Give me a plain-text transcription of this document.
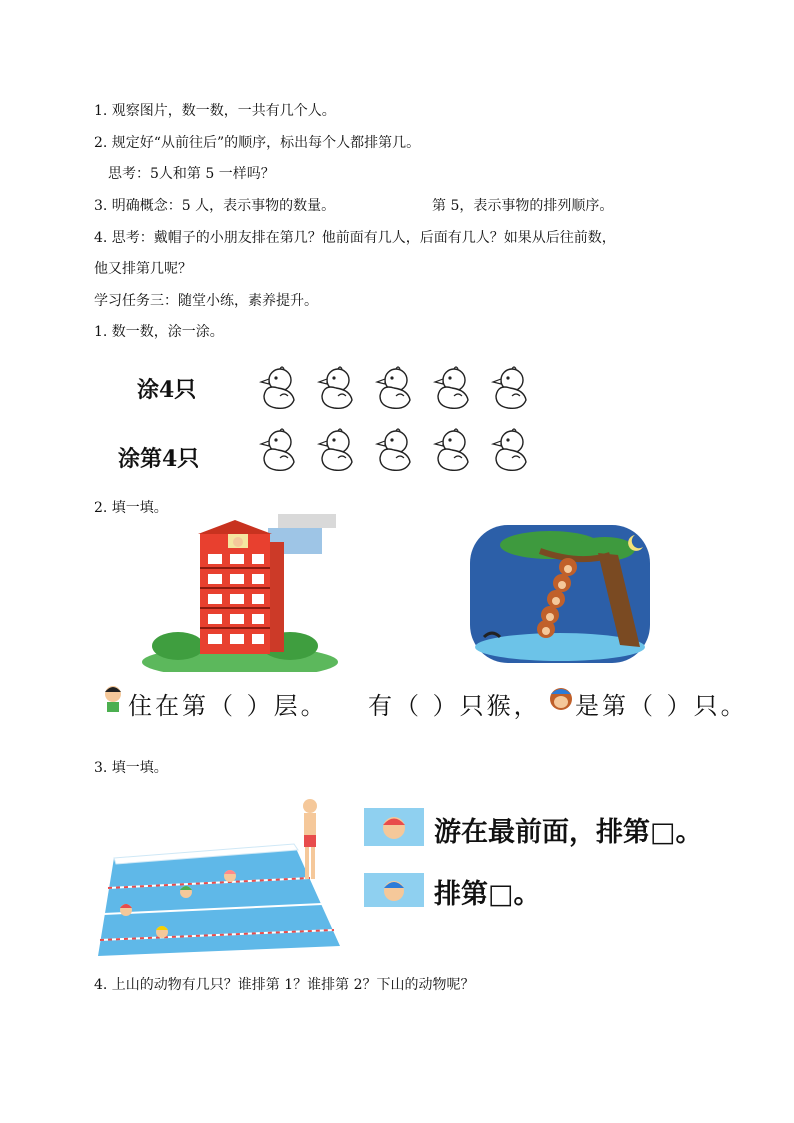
1. 观察图片，数一数，一共有几个人。
2. 规定好“从前往后”的顺序，标出每个人都排第几。
思考：5人和第 5 一样吗？
3. 明确概念：5 人，表示事物的数量。	第 5，表示事物的排列顺序。
4. 思考：戴帽子的小朋友排在第几？他前面有几人，后面有几人？如果从后往前数，
他又排第几呢？
学习任务三：随堂小练，素养提升。
1. 数一数，涂一涂。
涂4只
涂第4只
2. 填一填。
住在第（ ）层。 有（ ）只猴， 是第（ ）只。
3. 填一填。
游在最前面，排第□。
排第□。
4. 上山的动物有几只？谁排第 1？谁排第 2？下山的动物呢？
